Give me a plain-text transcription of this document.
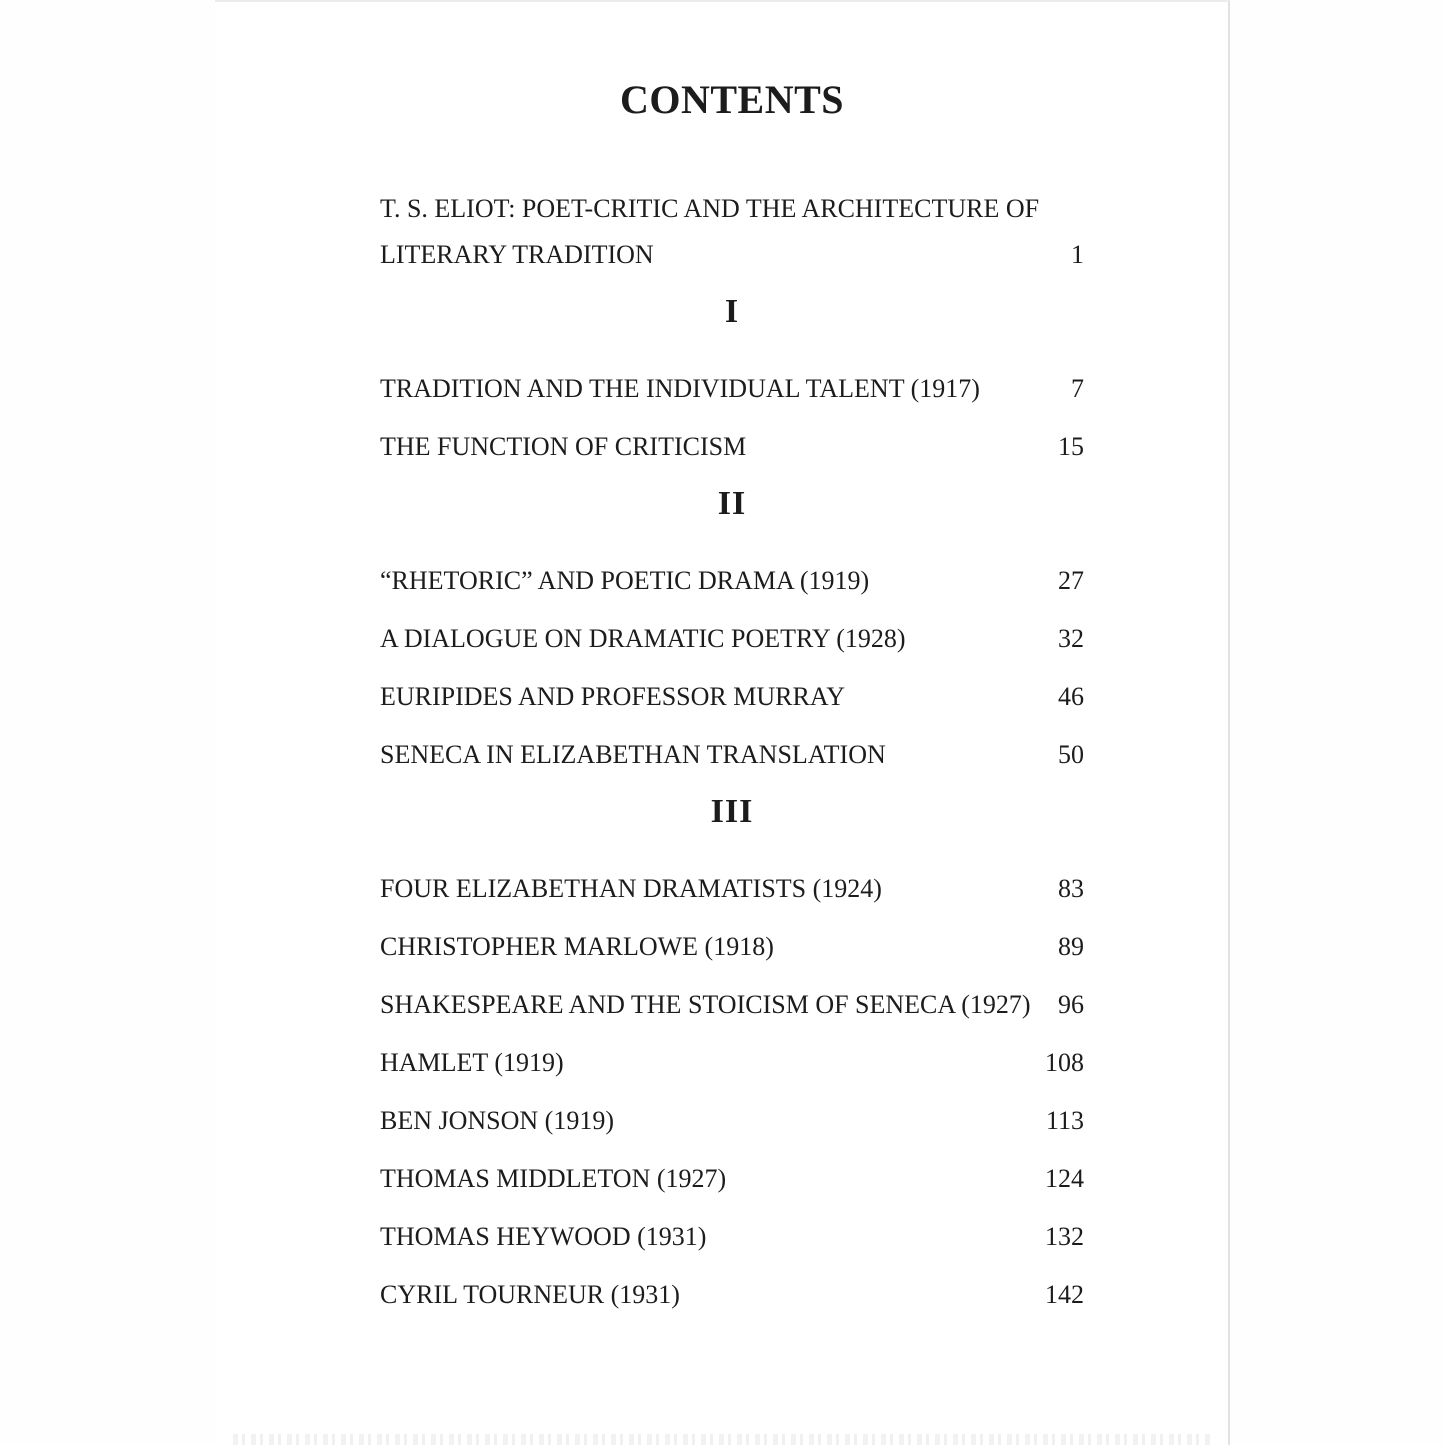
CONTENTS
T. S. ELIOT: POET-CRITIC AND THE ARCHITECTURE OF
LITERARY TRADITION	1
I
TRADITION AND THE INDIVIDUAL TALENT (1917)	7
THE FUNCTION OF CRITICISM	15
II
“RHETORIC” AND POETIC DRAMA (1919)	27
A DIALOGUE ON DRAMATIC POETRY (1928)	32
EURIPIDES AND PROFESSOR MURRAY	46
SENECA IN ELIZABETHAN TRANSLATION	50
III
FOUR ELIZABETHAN DRAMATISTS (1924)	83
CHRISTOPHER MARLOWE (1918)	89
SHAKESPEARE AND THE STOICISM OF SENECA (1927)	96
HAMLET (1919)	108
BEN JONSON (1919)	113
THOMAS MIDDLETON (1927)	124
THOMAS HEYWOOD (1931)	132
CYRIL TOURNEUR (1931)	142
